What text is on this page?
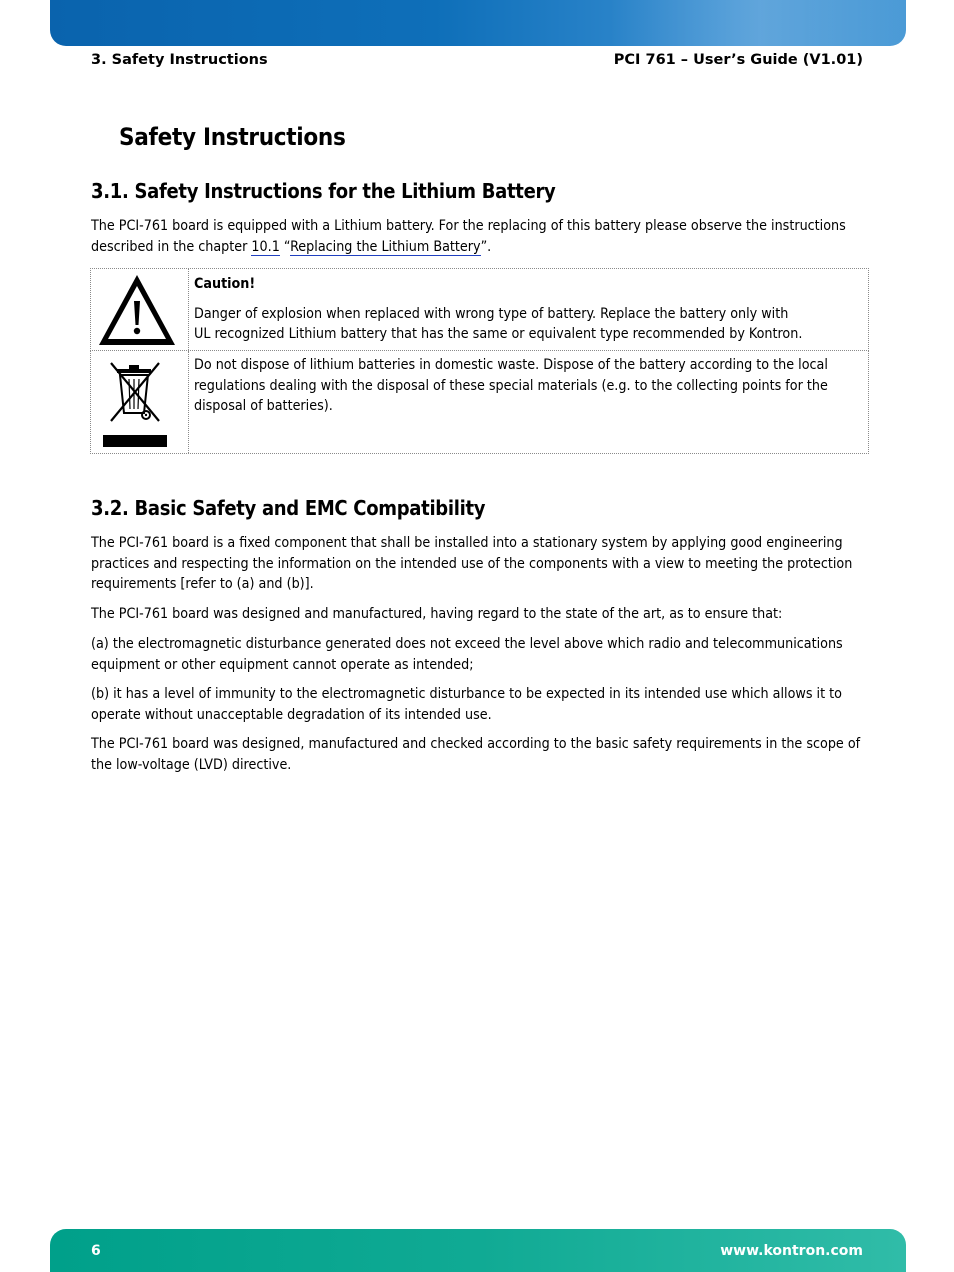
3. Safety Instructions	PCI 761 – User’s Guide (V1.01)
Safety Instructions
3.1. Safety Instructions for the Lithium Battery

The PCI-761 board is equipped with a Lithium battery. For the replacing of this battery please observe the instructions described in the chapter 10.1 “Replacing the Lithium Battery”.

Caution!
Danger of explosion when replaced with wrong type of battery. Replace the battery only with
UL recognized Lithium battery that has the same or equivalent type recommended by Kontron.
Do not dispose of lithium batteries in domestic waste. Dispose of the battery according to the local regulations dealing with the disposal of these special materials (e.g. to the collecting points for the disposal of batteries).
3.2. Basic Safety and EMC Compatibility

The PCI-761 board is a fixed component that shall be installed into a stationary system by applying good engineering practices and respecting the information on the intended use of the components with a view to meeting the protection requirements [refer to (a) and (b)].

The PCI-761 board was designed and manufactured, having regard to the state of the art, as to ensure that:

(a) the electromagnetic disturbance generated does not exceed the level above which radio and telecommunications equipment or other equipment cannot operate as intended;

(b) it has a level of immunity to the electromagnetic disturbance to be expected in its intended use which allows it to operate without unacceptable degradation of its intended use.

The PCI-761 board was designed, manufactured and checked according to the basic safety requirements in the scope of the low-voltage (LVD) directive.

6	www.kontron.com
